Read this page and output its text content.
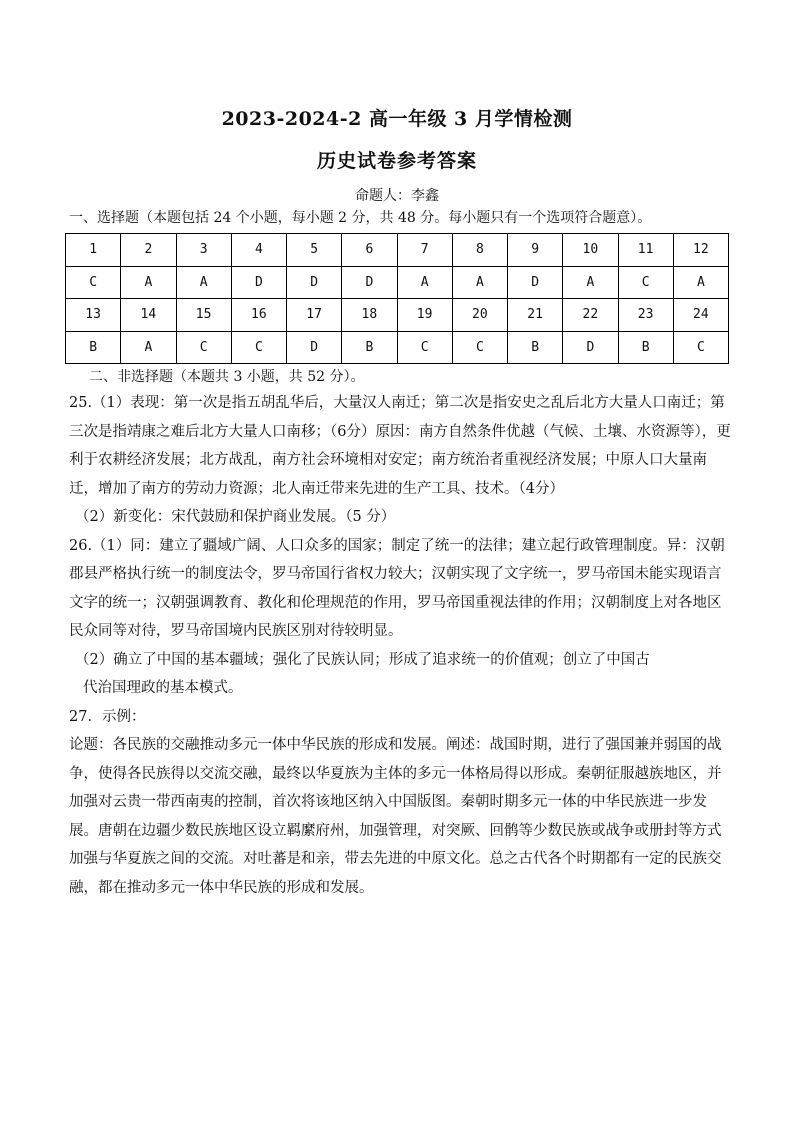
2023-2024-2 高一年级 3 月学情检测
历史试卷参考答案
命题人：李鑫
一、选择题（本题包括 24 个小题，每小题 2 分，共 48 分。每小题只有一个选项符合题意）。
1	2	3	4	5	6	7	8	9	10	11	12
C	A	A	D	D	D	A	A	D	A	C	A
13	14	15	16	17	18	19	20	21	22	23	24
B	A	C	C	D	B	C	C	B	D	B	C
二、非选择题（本题共 3 小题，共 52 分）。

25.（1）表现：第一次是指五胡乱华后，大量汉人南迁；第二次是指安史之乱后北方大量人口南迁；第三次是指靖康之难后北方大量人口南移；（6分）原因：南方自然条件优越（气候、土壤、水资源等），更利于农耕经济发展；北方战乱，南方社会环境相对安定；南方统治者重视经济发展；中原人口大量南迁，增加了南方的劳动力资源；北人南迁带来先进的生产工具、技术。（4分）

（2）新变化：宋代鼓励和保护商业发展。（5 分）

26.（1）同：建立了疆域广阔、人口众多的国家；制定了统一的法律；建立起行政管理制度。异：汉朝郡县严格执行统一的制度法令，罗马帝国行省权力较大；汉朝实现了文字统一，罗马帝国未能实现语言文字的统一；汉朝强调教育、教化和伦理规范的作用，罗马帝国重视法律的作用；汉朝制度上对各地区民众同等对待，罗马帝国境内民族区别对待较明显。

（2）确立了中国的基本疆域；强化了民族认同；形成了追求统一的价值观；创立了中国古

代治国理政的基本模式。

27．示例：

论题：各民族的交融推动多元一体中华民族的形成和发展。阐述：战国时期，进行了强国兼并弱国的战争，使得各民族得以交流交融，最终以华夏族为主体的多元一体格局得以形成。秦朝征服越族地区，并加强对云贵一带西南夷的控制，首次将该地区纳入中国版图。秦朝时期多元一体的中华民族进一步发展。唐朝在边疆少数民族地区设立羁縻府州，加强管理，对突厥、回鹘等少数民族或战争或册封等方式加强与华夏族之间的交流。对吐蕃是和亲，带去先进的中原文化。总之古代各个时期都有一定的民族交融，都在推动多元一体中华民族的形成和发展。
